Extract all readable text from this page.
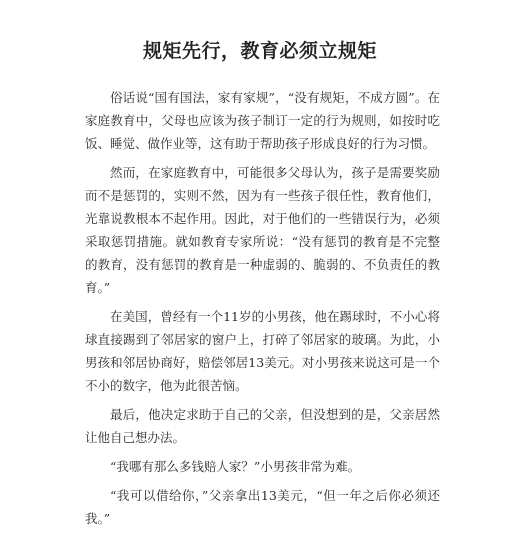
规矩先行，教育必须立规矩

俗话说“国有国法，家有家规”，“没有规矩，不成方圆”。在家庭教育中，父母也应该为孩子制订一定的行为规则，如按时吃饭、睡觉、做作业等，这有助于帮助孩子形成良好的行为习惯。

然而，在家庭教育中，可能很多父母认为，孩子是需要奖励而不是惩罚的，实则不然，因为有一些孩子很任性，教育他们，光靠说教根本不起作用。因此，对于他们的一些错误行为，必须采取惩罚措施。就如教育专家所说：“没有惩罚的教育是不完整的教育，没有惩罚的教育是一种虚弱的、脆弱的、不负责任的教育。”

在美国，曾经有一个11岁的小男孩，他在踢球时，不小心将球直接踢到了邻居家的窗户上，打碎了邻居家的玻璃。为此，小男孩和邻居协商好，赔偿邻居13美元。对小男孩来说这可是一个不小的数字，他为此很苦恼。

最后，他决定求助于自己的父亲，但没想到的是，父亲居然让他自己想办法。

“我哪有那么多钱赔人家？”小男孩非常为难。

“我可以借给你，”父亲拿出13美元，“但一年之后你必须还我。”
